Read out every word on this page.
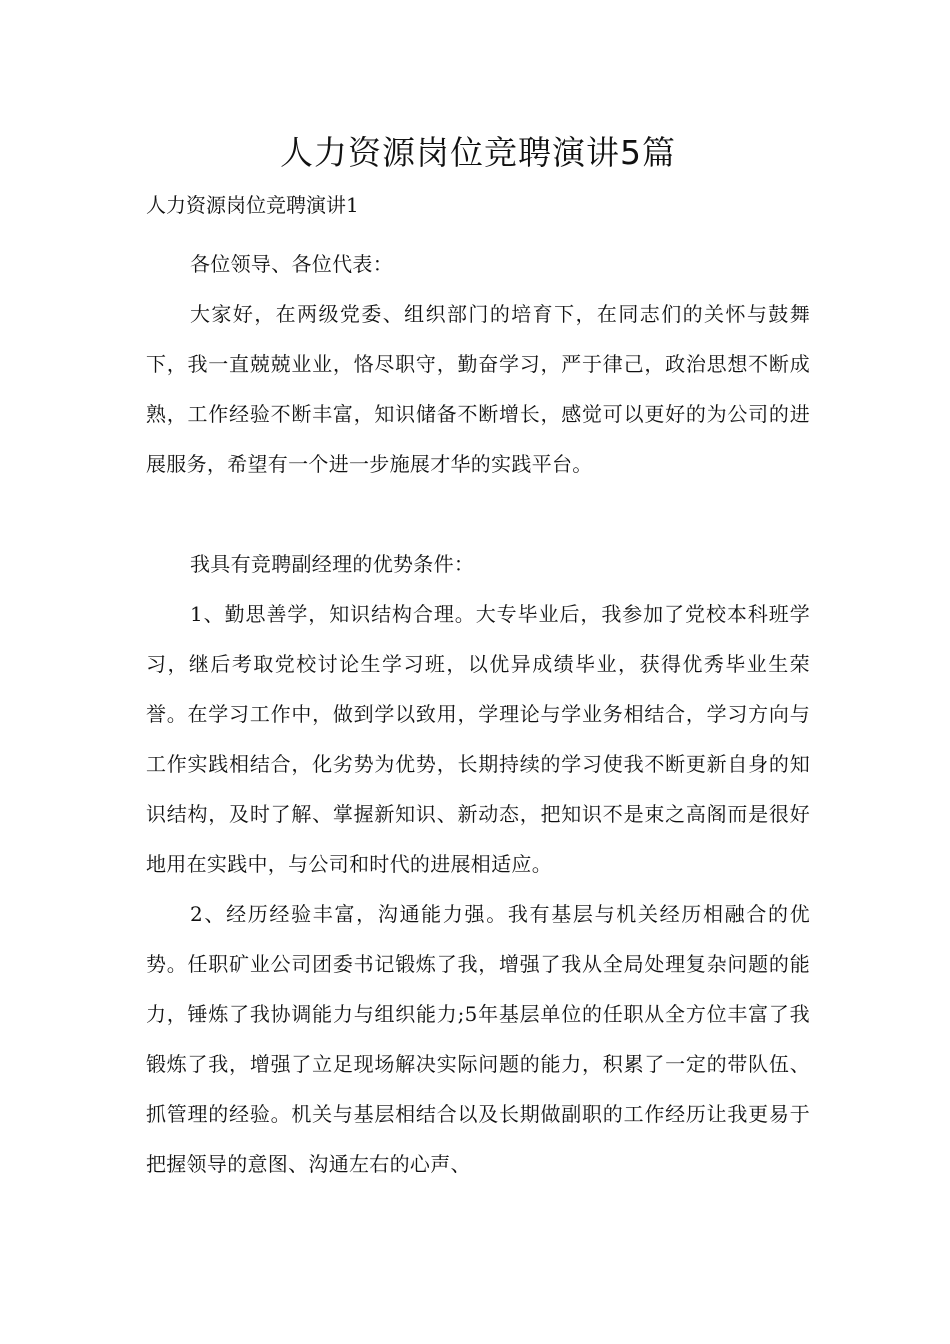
人力资源岗位竞聘演讲5篇
人力资源岗位竞聘演讲1

各位领导、各位代表：

大家好，在两级党委、组织部门的培育下，在同志们的关怀与鼓舞下，我一直兢兢业业，恪尽职守，勤奋学习，严于律己，政治思想不断成熟，工作经验不断丰富，知识储备不断增长，感觉可以更好的为公司的进展服务，希望有一个进一步施展才华的实践平台。

我具有竞聘副经理的优势条件：

1、勤思善学，知识结构合理。大专毕业后，我参加了党校本科班学习，继后考取党校讨论生学习班，以优异成绩毕业，获得优秀毕业生荣誉。在学习工作中，做到学以致用，学理论与学业务相结合，学习方向与工作实践相结合，化劣势为优势，长期持续的学习使我不断更新自身的知识结构，及时了解、掌握新知识、新动态，把知识不是束之高阁而是很好地用在实践中，与公司和时代的进展相适应。

2、经历经验丰富，沟通能力强。我有基层与机关经历相融合的优势。任职矿业公司团委书记锻炼了我，增强了我从全局处理复杂问题的能力，锤炼了我协调能力与组织能力;5年基层单位的任职从全方位丰富了我锻炼了我，增强了立足现场解决实际问题的能力，积累了一定的带队伍、抓管理的经验。机关与基层相结合以及长期做副职的工作经历让我更易于把握领导的意图、沟通左右的心声、
